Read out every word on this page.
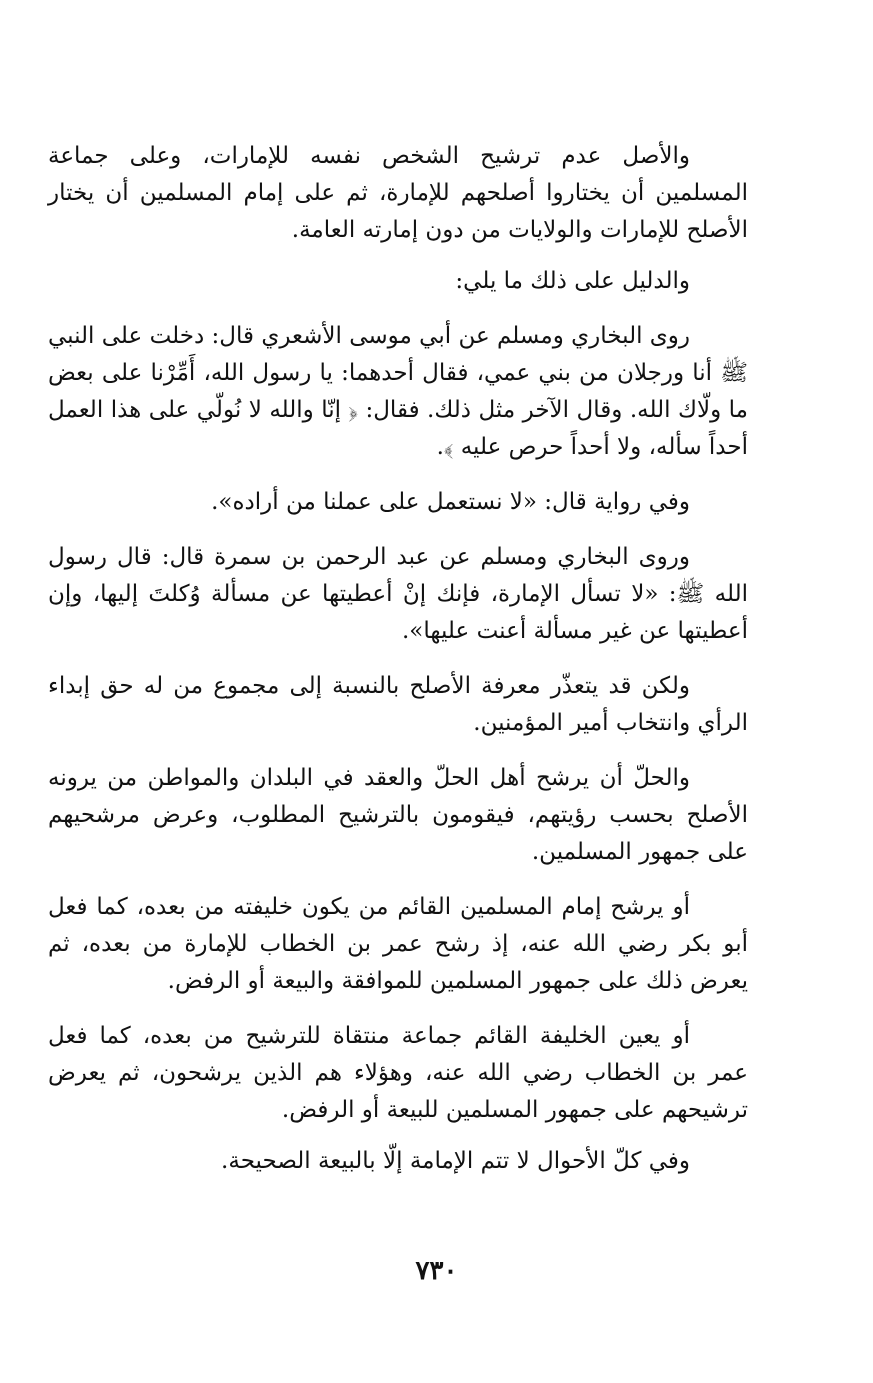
والأصل عدم ترشيح الشخص نفسه للإمارات، وعلى جماعة المسلمين أن يختاروا أصلحهم للإمارة، ثم على إمام المسلمين أن يختار الأصلح للإمارات والولايات من دون إمارته العامة.

والدليل على ذلك ما يلي:

روى البخاري ومسلم عن أبي موسى الأشعري قال: دخلت على النبي ﷺ أنا ورجلان من بني عمي، فقال أحدهما: يا رسول الله، أَمِّرْنا على بعض ما ولّاك الله. وقال الآخر مثل ذلك. فقال: ﴿ إنّا والله لا نُولّي على هذا العمل أحداً سأله، ولا أحداً حرص عليه ﴾.

وفي رواية قال: «لا نستعمل على عملنا من أراده».

وروى البخاري ومسلم عن عبد الرحمن بن سمرة قال: قال رسول الله ﷺ: «لا تسأل الإمارة، فإنك إنْ أعطيتها عن مسألة وُكلتَ إليها، وإن أعطيتها عن غير مسألة أعنت عليها».

ولكن قد يتعذّر معرفة الأصلح بالنسبة إلى مجموع من له حق إبداء الرأي وانتخاب أمير المؤمنين.

والحلّ أن يرشح أهل الحلّ والعقد في البلدان والمواطن من يرونه الأصلح بحسب رؤيتهم، فيقومون بالترشيح المطلوب، وعرض مرشحيهم على جمهور المسلمين.

أو يرشح إمام المسلمين القائم من يكون خليفته من بعده، كما فعل أبو بكر رضي الله عنه، إذ رشح عمر بن الخطاب للإمارة من بعده، ثم يعرض ذلك على جمهور المسلمين للموافقة والبيعة أو الرفض.

أو يعين الخليفة القائم جماعة منتقاة للترشيح من بعده، كما فعل عمر بن الخطاب رضي الله عنه، وهؤلاء هم الذين يرشحون، ثم يعرض ترشيحهم على جمهور المسلمين للبيعة أو الرفض.

وفي كلّ الأحوال لا تتم الإمامة إلّا بالبيعة الصحيحة.

٧٣٠
